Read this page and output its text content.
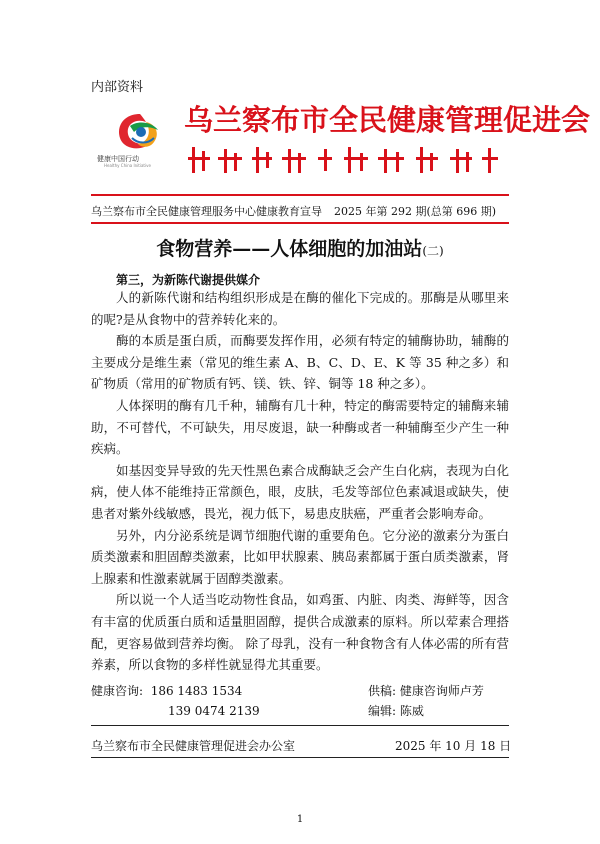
内部资料
健康中国行动
Healthy China Initiative
乌兰察布市全民健康管理促进会
乌兰察布市全民健康管理服务中心健康教育宣导 2025 年第 292 期(总第 696 期)
食物营养——人体细胞的加油站(二)
第三，为新陈代谢提供媒介

人的新陈代谢和结构组织形成是在酶的催化下完成的。那酶是从哪里来的呢?是从食物中的营养转化来的。

酶的本质是蛋白质，而酶要发挥作用，必须有特定的辅酶协助，辅酶的主要成分是维生素（常见的维生素 A、B、C、D、E、K 等 35 种之多）和矿物质（常用的矿物质有钙、镁、铁、锌、铜等 18 种之多）。

人体探明的酶有几千种，辅酶有几十种，特定的酶需要特定的辅酶来辅助，不可替代，不可缺失，用尽废退，缺一种酶或者一种辅酶至少产生一种疾病。

如基因变异导致的先天性黑色素合成酶缺乏会产生白化病，表现为白化病，使人体不能维持正常颜色，眼，皮肤，毛发等部位色素减退或缺失，使患者对紫外线敏感，畏光，视力低下，易患皮肤癌，严重者会影响寿命。

另外，内分泌系统是调节细胞代谢的重要角色。它分泌的激素分为蛋白质类激素和胆固醇类激素，比如甲状腺素、胰岛素都属于蛋白质类激素，肾上腺素和性激素就属于固醇类激素。

所以说一个人适当吃动物性食品，如鸡蛋、内脏、肉类、海鲜等，因含有丰富的优质蛋白质和适量胆固醇，提供合成激素的原料。所以荤素合理搭配，更容易做到营养均衡。 除了母乳，没有一种食物含有人体必需的所有营养素，所以食物的多样性就显得尤其重要。

健康咨询: 186 1483 1534
139 0474 2139
供稿: 健康咨询师卢芳
编辑: 陈威
乌兰察布市全民健康管理促进会办公室	2025 年 10 月 18 日
1
